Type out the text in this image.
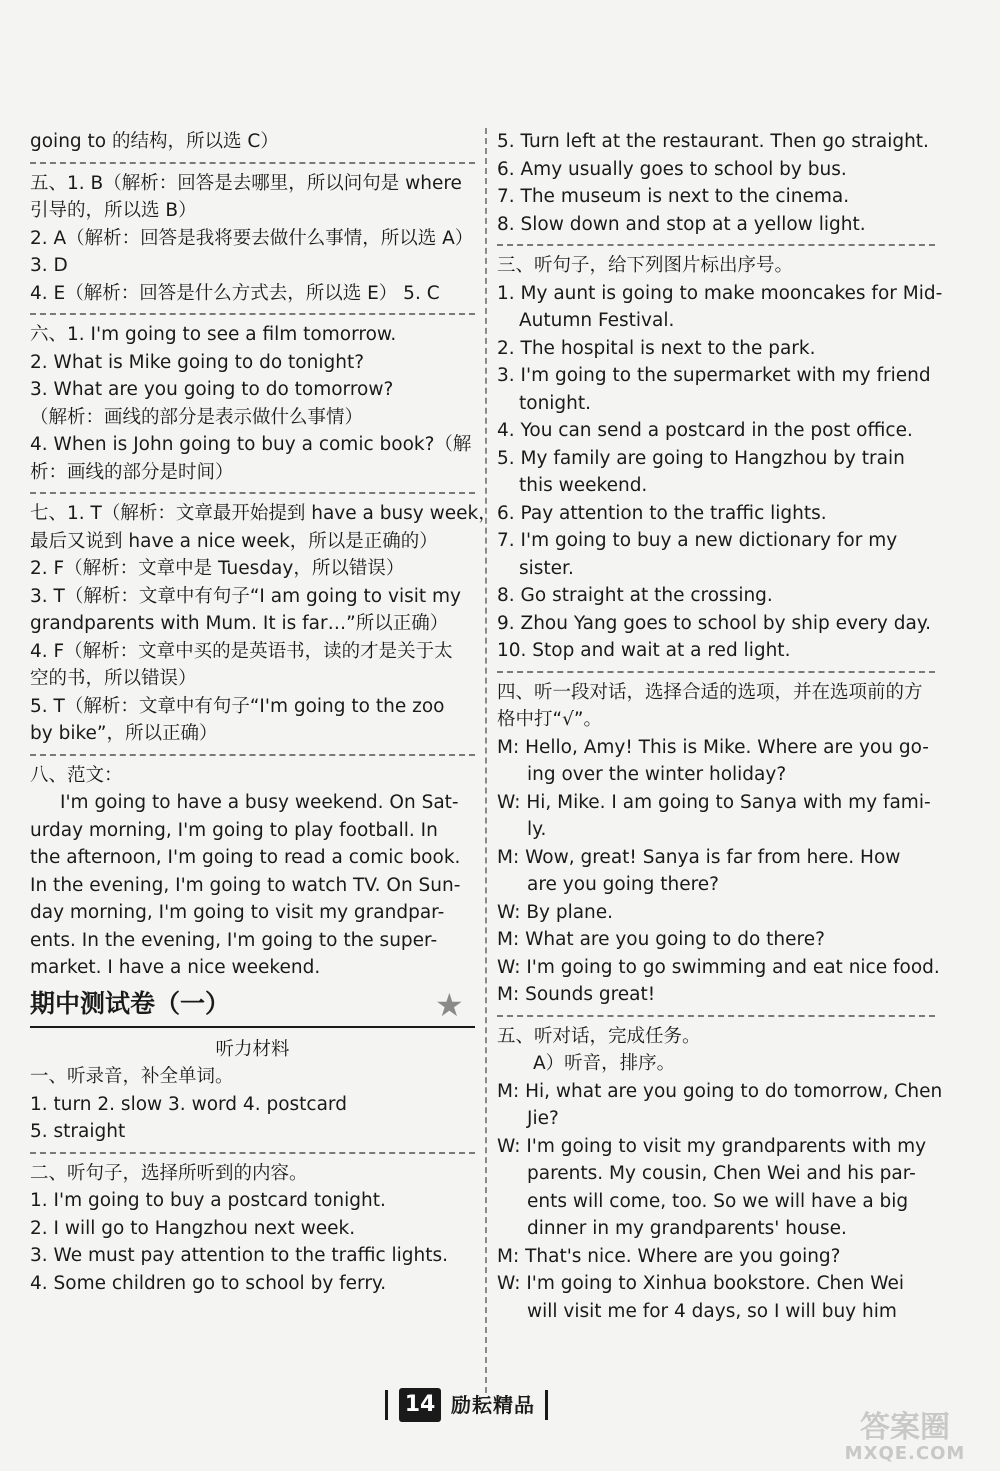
going to 的结构，所以选 C）
五、1. B（解析：回答是去哪里，所以问句是 where
引导的，所以选 B）
2. A（解析：回答是我将要去做什么事情，所以选 A）
3. D
4. E（解析：回答是什么方式去，所以选 E） 5. C
六、1. I'm going to see a film tomorrow.
2. What is Mike going to do tonight?
3. What are you going to do tomorrow?
（解析：画线的部分是表示做什么事情）
4. When is John going to buy a comic book?（解
析：画线的部分是时间）
七、1. T（解析：文章最开始提到 have a busy week，
最后又说到 have a nice week，所以是正确的）
2. F（解析：文章中是 Tuesday，所以错误）
3. T（解析：文章中有句子“I am going to visit my
grandparents with Mum. It is far…”所以正确）
4. F（解析：文章中买的是英语书，读的才是关于太
空的书，所以错误）
5. T（解析：文章中有句子“I'm going to the zoo
by bike”，所以正确）
八、范文：
I'm going to have a busy weekend. On Sat-
urday morning, I'm going to play football. In
the afternoon, I'm going to read a comic book.
In the evening, I'm going to watch TV. On Sun-
day morning, I'm going to visit my grandpar-
ents. In the evening, I'm going to the super-
market. I have a nice weekend.
期中测试卷（一）	★
听力材料
一、听录音，补全单词。
1. turn 2. slow 3. word 4. postcard
5. straight
二、听句子，选择所听到的内容。
1. I'm going to buy a postcard tonight.
2. I will go to Hangzhou next week.
3. We must pay attention to the traffic lights.
4. Some children go to school by ferry.
5. Turn left at the restaurant. Then go straight.
6. Amy usually goes to school by bus.
7. The museum is next to the cinema.
8. Slow down and stop at a yellow light.
三、听句子，给下列图片标出序号。
1. My aunt is going to make mooncakes for Mid-
Autumn Festival.
2. The hospital is next to the park.
3. I'm going to the supermarket with my friend
tonight.
4. You can send a postcard in the post office.
5. My family are going to Hangzhou by train
this weekend.
6. Pay attention to the traffic lights.
7. I'm going to buy a new dictionary for my
sister.
8. Go straight at the crossing.
9. Zhou Yang goes to school by ship every day.
10. Stop and wait at a red light.
四、听一段对话，选择合适的选项，并在选项前的方
格中打“√”。
M: Hello, Amy! This is Mike. Where are you go-
ing over the winter holiday?
W: Hi, Mike. I am going to Sanya with my fami-
ly.
M: Wow, great! Sanya is far from here. How
are you going there?
W: By plane.
M: What are you going to do there?
W: I'm going to go swimming and eat nice food.
M: Sounds great!
五、听对话，完成任务。
A）听音，排序。
M: Hi, what are you going to do tomorrow, Chen
Jie?
W: I'm going to visit my grandparents with my
parents. My cousin, Chen Wei and his par-
ents will come, too. So we will have a big
dinner in my grandparents' house.
M: That's nice. Where are you going?
W: I'm going to Xinhua bookstore. Chen Wei
will visit me for 4 days, so I will buy him
14 励耘精品
答案圈
MXQE.COM
